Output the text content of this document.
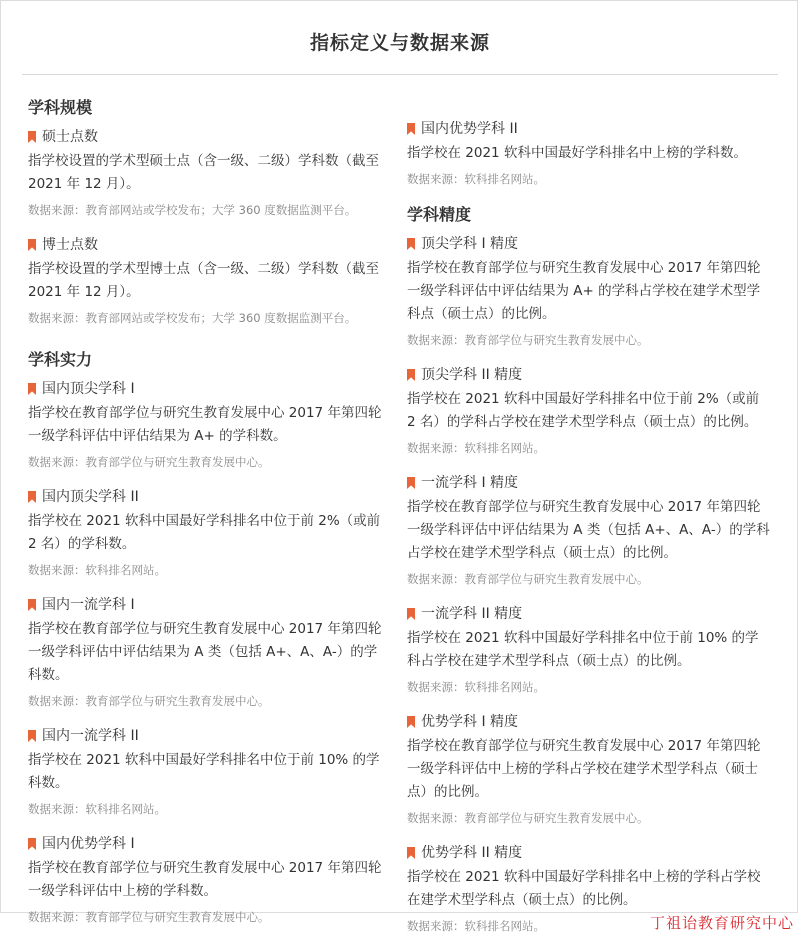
指标定义与数据来源
学科规模
硕士点数
指学校设置的学术型硕士点（含一级、二级）学科数（截至2021 年 12 月）。
数据来源：教育部网站或学校发布；大学 360 度数据监测平台。
博士点数
指学校设置的学术型博士点（含一级、二级）学科数（截至2021 年 12 月）。
数据来源：教育部网站或学校发布；大学 360 度数据监测平台。
学科实力
国内顶尖学科 I
指学校在教育部学位与研究生教育发展中心 2017 年第四轮一级学科评估中评估结果为 A+ 的学科数。
数据来源：教育部学位与研究生教育发展中心。
国内顶尖学科 II
指学校在 2021 软科中国最好学科排名中位于前 2%（或前 2 名）的学科数。
数据来源：软科排名网站。
国内一流学科 I
指学校在教育部学位与研究生教育发展中心 2017 年第四轮一级学科评估中评估结果为 A 类（包括 A+、A、A-）的学科数。
数据来源：教育部学位与研究生教育发展中心。
国内一流学科 II
指学校在 2021 软科中国最好学科排名中位于前 10% 的学科数。
数据来源：软科排名网站。
国内优势学科 I
指学校在教育部学位与研究生教育发展中心 2017 年第四轮一级学科评估中上榜的学科数。
数据来源：教育部学位与研究生教育发展中心。
国内优势学科 II
指学校在 2021 软科中国最好学科排名中上榜的学科数。
数据来源：软科排名网站。
学科精度
顶尖学科 I 精度
指学校在教育部学位与研究生教育发展中心 2017 年第四轮一级学科评估中评估结果为 A+ 的学科占学校在建学术型学科点（硕士点）的比例。
数据来源：教育部学位与研究生教育发展中心。
顶尖学科 II 精度
指学校在 2021 软科中国最好学科排名中位于前 2%（或前 2 名）的学科占学校在建学术型学科点（硕士点）的比例。
数据来源：软科排名网站。
一流学科 I 精度
指学校在教育部学位与研究生教育发展中心 2017 年第四轮一级学科评估中评估结果为 A 类（包括 A+、A、A-）的学科占学校在建学术型学科点（硕士点）的比例。
数据来源：教育部学位与研究生教育发展中心。
一流学科 II 精度
指学校在 2021 软科中国最好学科排名中位于前 10% 的学科占学校在建学术型学科点（硕士点）的比例。
数据来源：软科排名网站。
优势学科 I 精度
指学校在教育部学位与研究生教育发展中心 2017 年第四轮一级学科评估中上榜的学科占学校在建学术型学科点（硕士点）的比例。
数据来源：教育部学位与研究生教育发展中心。
优势学科 II 精度
指学校在 2021 软科中国最好学科排名中上榜的学科占学校在建学术型学科点（硕士点）的比例。
数据来源：软科排名网站。	丁祖诒教育研究中心
